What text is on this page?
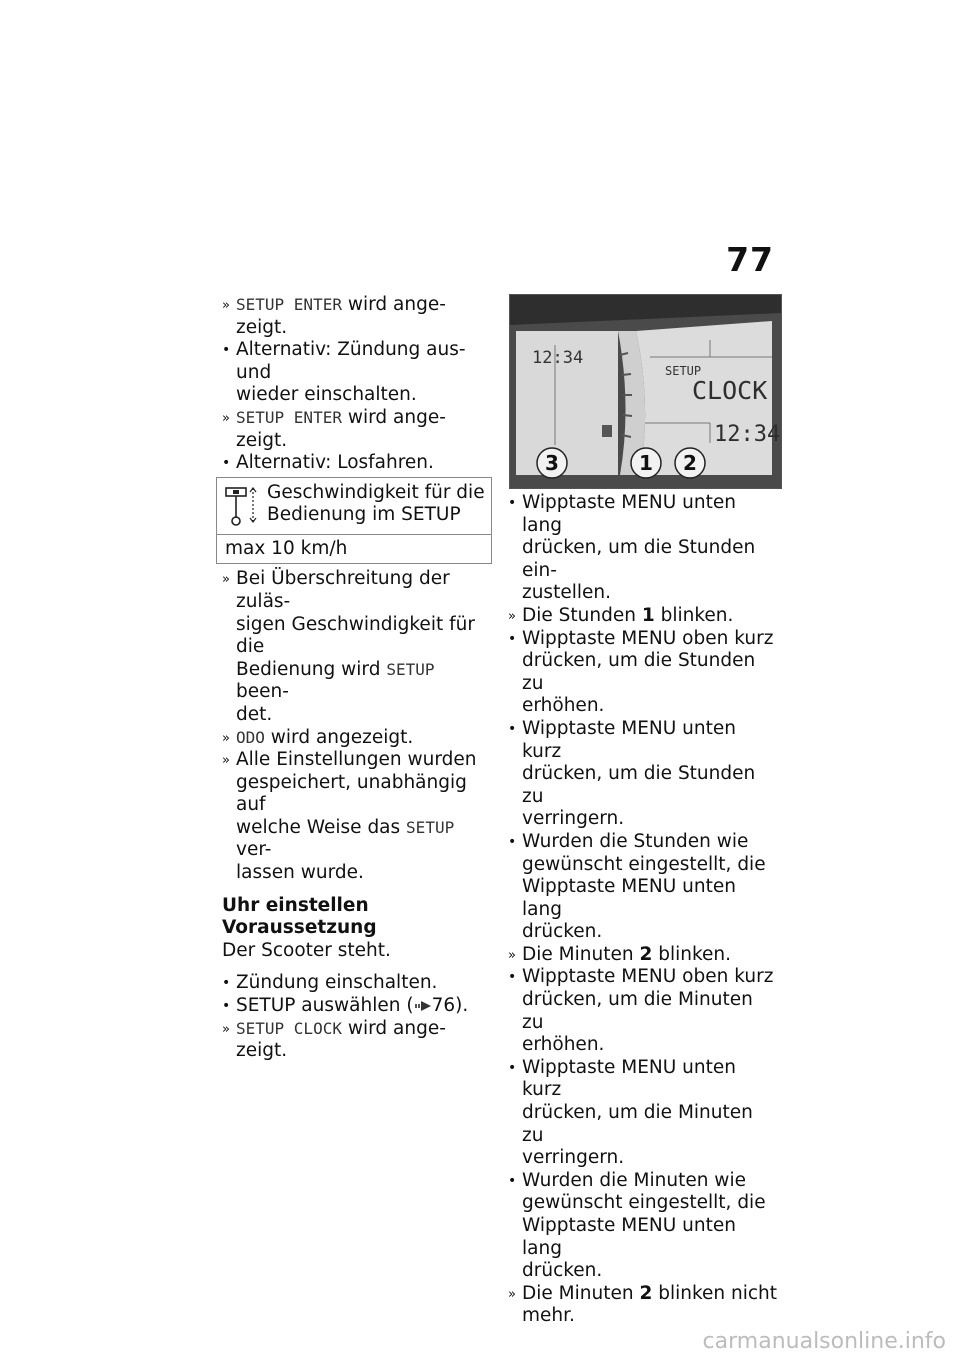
77
» SETUP ENTER wird ange-
zeigt.
• Alternativ: Zündung aus- und
wieder einschalten.
» SETUP ENTER wird ange-
zeigt.
• Alternativ: Losfahren.
Geschwindigkeit für die
Bedienung im SETUP
max 10 km/h
» Bei Überschreitung der zuläs-
sigen Geschwindigkeit für die
Bedienung wird SETUP been-
det.
» ODO wird angezeigt.
» Alle Einstellungen wurden
gespeichert, unabhängig auf
welche Weise das SETUP ver-
lassen wurde.
Uhr einstellen
Voraussetzung
Der Scooter steht.
• Zündung einschalten.
• SETUP auswählen ( 76).
» SETUP CLOCK wird ange-
zeigt.
12:34
SETUP
CLOCK
12:34
3	1 2
• Wipptaste MENU unten lang
drücken, um die Stunden ein-
zustellen.
» Die Stunden 1 blinken.
• Wipptaste MENU oben kurz
drücken, um die Stunden zu
erhöhen.
• Wipptaste MENU unten kurz
drücken, um die Stunden zu
verringern.
• Wurden die Stunden wie
gewünscht eingestellt, die
Wipptaste MENU unten lang
drücken.
» Die Minuten 2 blinken.
• Wipptaste MENU oben kurz
drücken, um die Minuten zu
erhöhen.
• Wipptaste MENU unten kurz
drücken, um die Minuten zu
verringern.
• Wurden die Minuten wie
gewünscht eingestellt, die
Wipptaste MENU unten lang
drücken.
» Die Minuten 2 blinken nicht
mehr.
carmanualsonline.info
